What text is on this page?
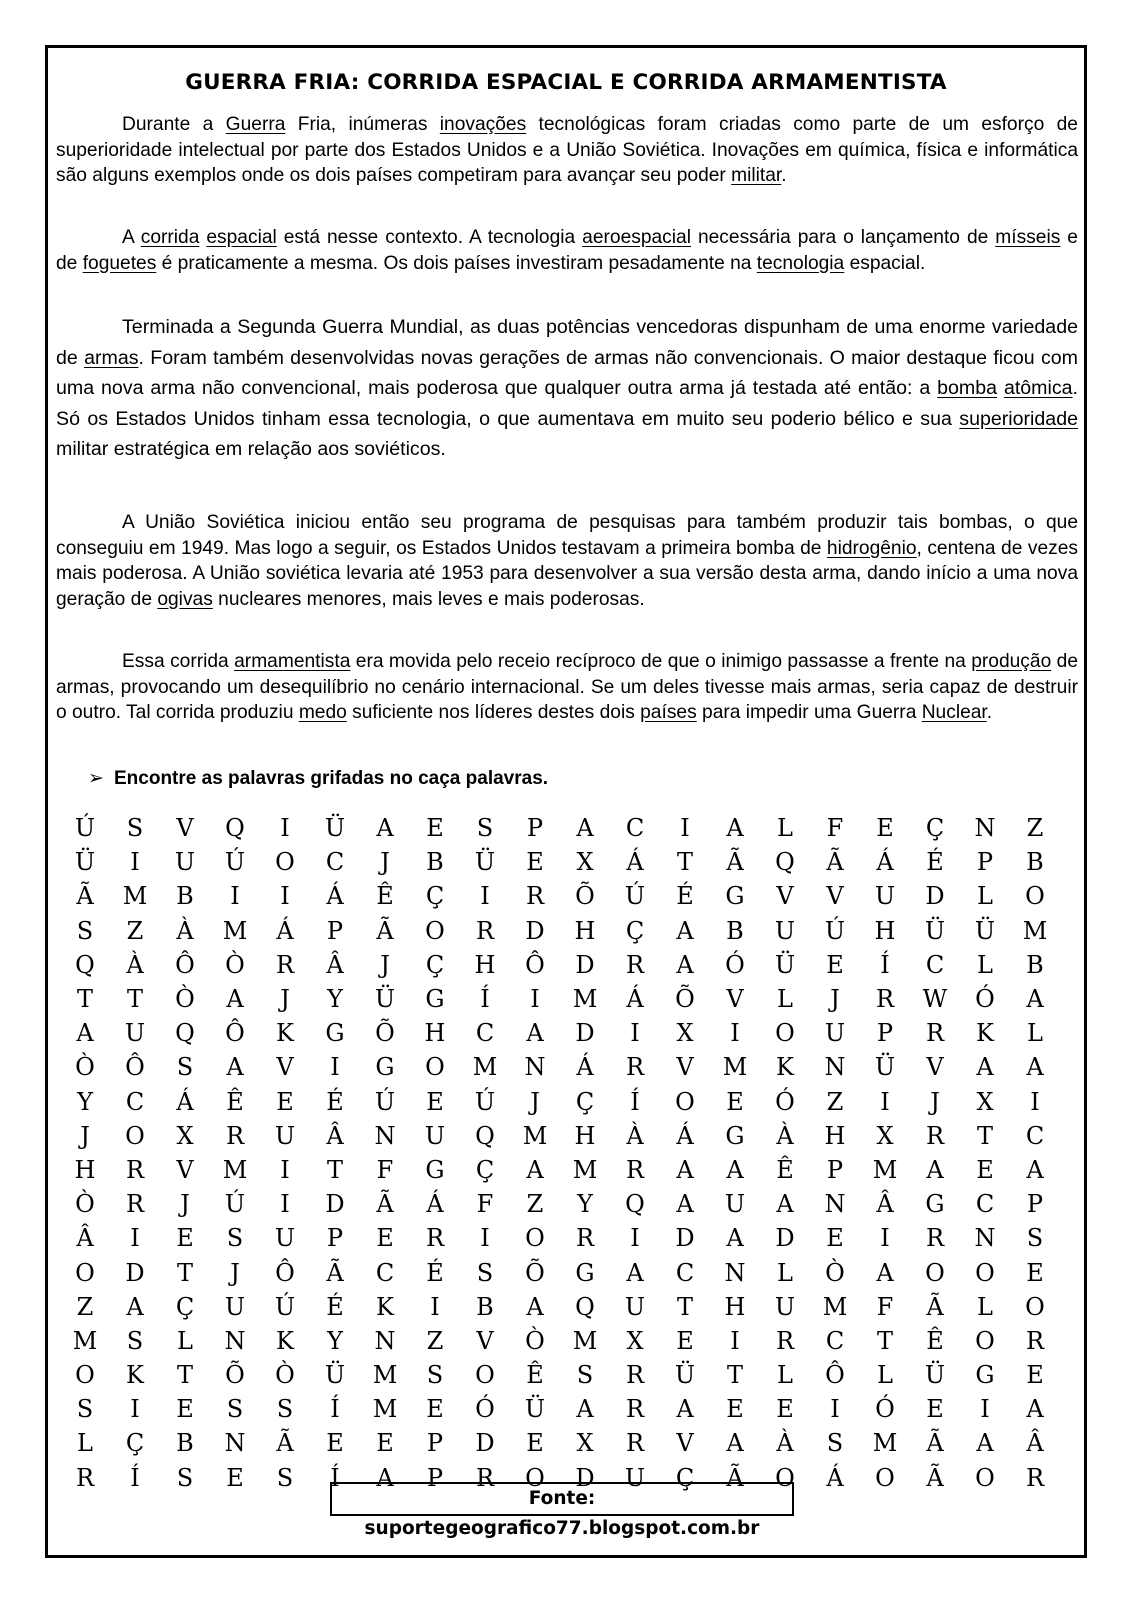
GUERRA FRIA: CORRIDA ESPACIAL E CORRIDA ARMAMENTISTA

Durante a Guerra Fria, inúmeras inovações tecnológicas foram criadas como parte de um esforço de superioridade intelectual por parte dos Estados Unidos e a União Soviética. Inovações em química, física e informática são alguns exemplos onde os dois países competiram para avançar seu poder militar.

A corrida espacial está nesse contexto. A tecnologia aeroespacial necessária para o lançamento de mísseis e de foguetes é praticamente a mesma. Os dois países investiram pesadamente na tecnologia espacial.

Terminada a Segunda Guerra Mundial, as duas potências vencedoras dispunham de uma enorme variedade de armas. Foram também desenvolvidas novas gerações de armas não convencionais. O maior destaque ficou com uma nova arma não convencional, mais poderosa que qualquer outra arma já testada até então: a bomba atômica. Só os Estados Unidos tinham essa tecnologia, o que aumentava em muito seu poderio bélico e sua superioridade militar estratégica em relação aos soviéticos.

A União Soviética iniciou então seu programa de pesquisas para também produzir tais bombas, o que conseguiu em 1949. Mas logo a seguir, os Estados Unidos testavam a primeira bomba de hidrogênio, centena de vezes mais poderosa. A União soviética levaria até 1953 para desenvolver a sua versão desta arma, dando início a uma nova geração de ogivas nucleares menores, mais leves e mais poderosas.

Essa corrida armamentista era movida pelo receio recíproco de que o inimigo passasse a frente na produção de armas, provocando um desequilíbrio no cenário internacional. Se um deles tivesse mais armas, seria capaz de destruir o outro. Tal corrida produziu medo suficiente nos líderes destes dois países para impedir uma Guerra Nuclear.

➢ Encontre as palavras grifadas no caça palavras.
Ú	S	V	Q	I	Ü	A	E	S	P	A	C	I	A	L	F	E	Ç	N	Z
Ü	I	U	Ú	O	C	J	B	Ü	E	X	Á	T	Ã	Q	Ã	Á	É	P	B
Ã	M	B	I	I	Á	Ê	Ç	I	R	Õ	Ú	É	G	V	V	U	D	L	O
S	Z	À	M	Á	P	Ã	O	R	D	H	Ç	A	B	U	Ú	H	Ü	Ü	M
Q	À	Ô	Ò	R	Â	J	Ç	H	Ô	D	R	A	Ó	Ü	E	Í	C	L	B
T	T	Ò	A	J	Y	Ü	G	Í	I	M	Á	Õ	V	L	J	R	W	Ó	A
A	U	Q	Ô	K	G	Õ	H	C	A	D	I	X	I	O	U	P	R	K	L
Ò	Ô	S	A	V	I	G	O	M	N	Á	R	V	M	K	N	Ü	V	A	A
Y	C	Á	Ê	E	É	Ú	E	Ú	J	Ç	Í	O	E	Ó	Z	I	J	X	I
J	O	X	R	U	Â	N	U	Q	M	H	À	Á	G	À	H	X	R	T	C
H	R	V	M	I	T	F	G	Ç	A	M	R	A	A	Ê	P	M	A	E	A
Ò	R	J	Ú	I	D	Ã	Á	F	Z	Y	Q	A	U	A	N	Â	G	C	P
Â	I	E	S	U	P	E	R	I	O	R	I	D	A	D	E	I	R	N	S
O	D	T	J	Ô	Ã	C	É	S	Õ	G	A	C	N	L	Ò	A	O	O	E
Z	A	Ç	U	Ú	É	K	I	B	A	Q	U	T	H	U	M	F	Ã	L	O
M	S	L	N	K	Y	N	Z	V	Ò	M	X	E	I	R	C	T	Ê	O	R
O	K	T	Õ	Ò	Ü	M	S	O	Ê	S	R	Ü	T	L	Ô	L	Ü	G	E
S	I	E	S	S	Í	M	E	Ó	Ü	A	R	A	E	E	I	Ó	E	I	A
L	Ç	B	N	Ã	E	E	P	D	E	X	R	V	A	À	S	M	Ã	A	Â
R	Í	S	E	S	Í	A	P	R	O	D	U	Ç	Ã	O	Á	O	Ã	O	R
Fonte: suportegeografico77.blogspot.com.br
